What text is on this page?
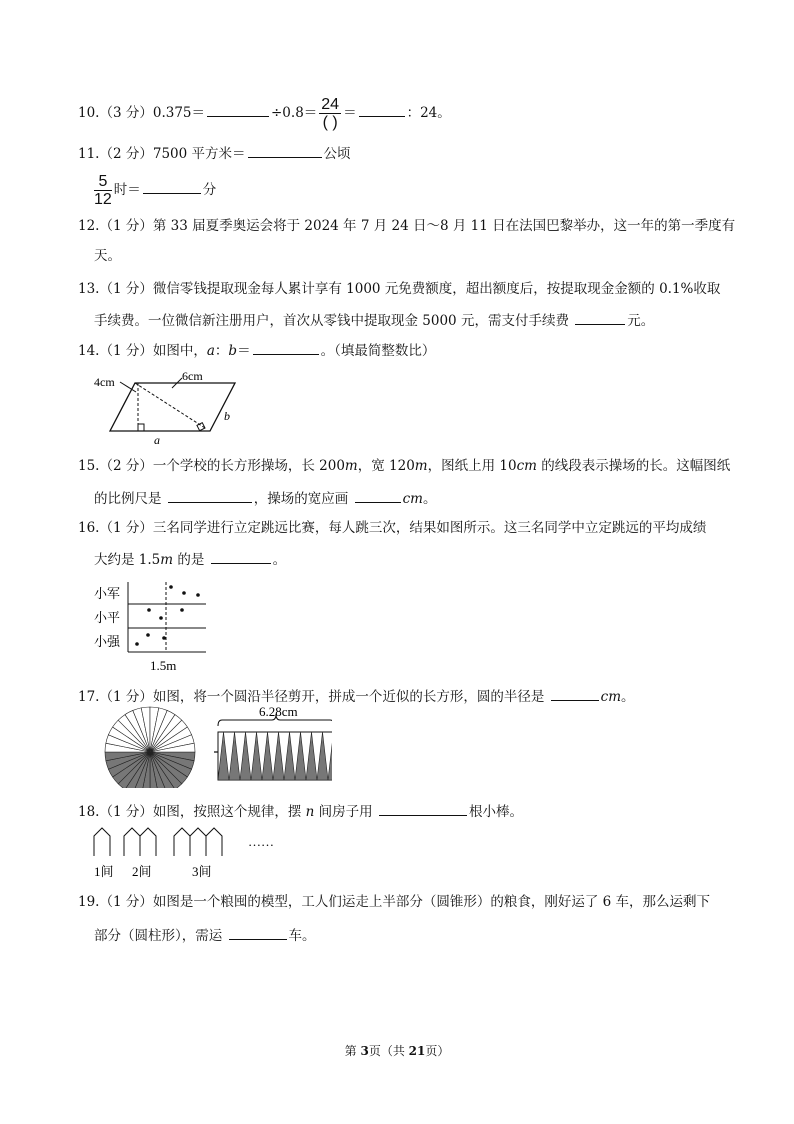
10.（3 分）0.375＝	$\div 0.8= \frac{24}{( )}$ ＝	：24。
11.（2 分）7500 平方米＝	公顷
$\frac{5}{12}$ 时＝	分
12.（1 分）第 33 届夏季奥运会将于 2024 年 7 月 24 日～8 月 11 日在法国巴黎举办，这一年的第一季度有
天。
13.（1 分）微信零钱提取现金每人累计享有 1000 元免费额度，超出额度后，按提取现金金额的 0.1%收取
手续费。一位微信新注册用户，首次从零钱中提取现金 5000 元，需支付手续费	元。
14.（1 分）如图中，a：b＝	。（填最简整数比）
4cm	6cm
a
b
15.（2 分）一个学校的长方形操场，长 200m，宽 120m，图纸上用 10cm 的线段表示操场的长。这幅图纸
的比例尺是	，操场的宽应画	cm。
16.（1 分）三名同学进行立定跳远比赛，每人跳三次，结果如图所示。这三名同学中立定跳远的平均成绩
大约是 1.5m 的是	。
小军
小平
小强
1.5m
17.（1 分）如图，将一个圆沿半径剪开，拼成一个近似的长方形，圆的半径是	cm。
6.28cm
18.（1 分）如图，按照这个规律，摆 n 间房子用	根小棒。
……
1间 2间	3间
19.（1 分）如图是一个粮囤的模型，工人们运走上半部分（圆锥形）的粮食，刚好运了 6 车，那么运剩下
部分（圆柱形），需运	车。
第 3页（共 21页）
